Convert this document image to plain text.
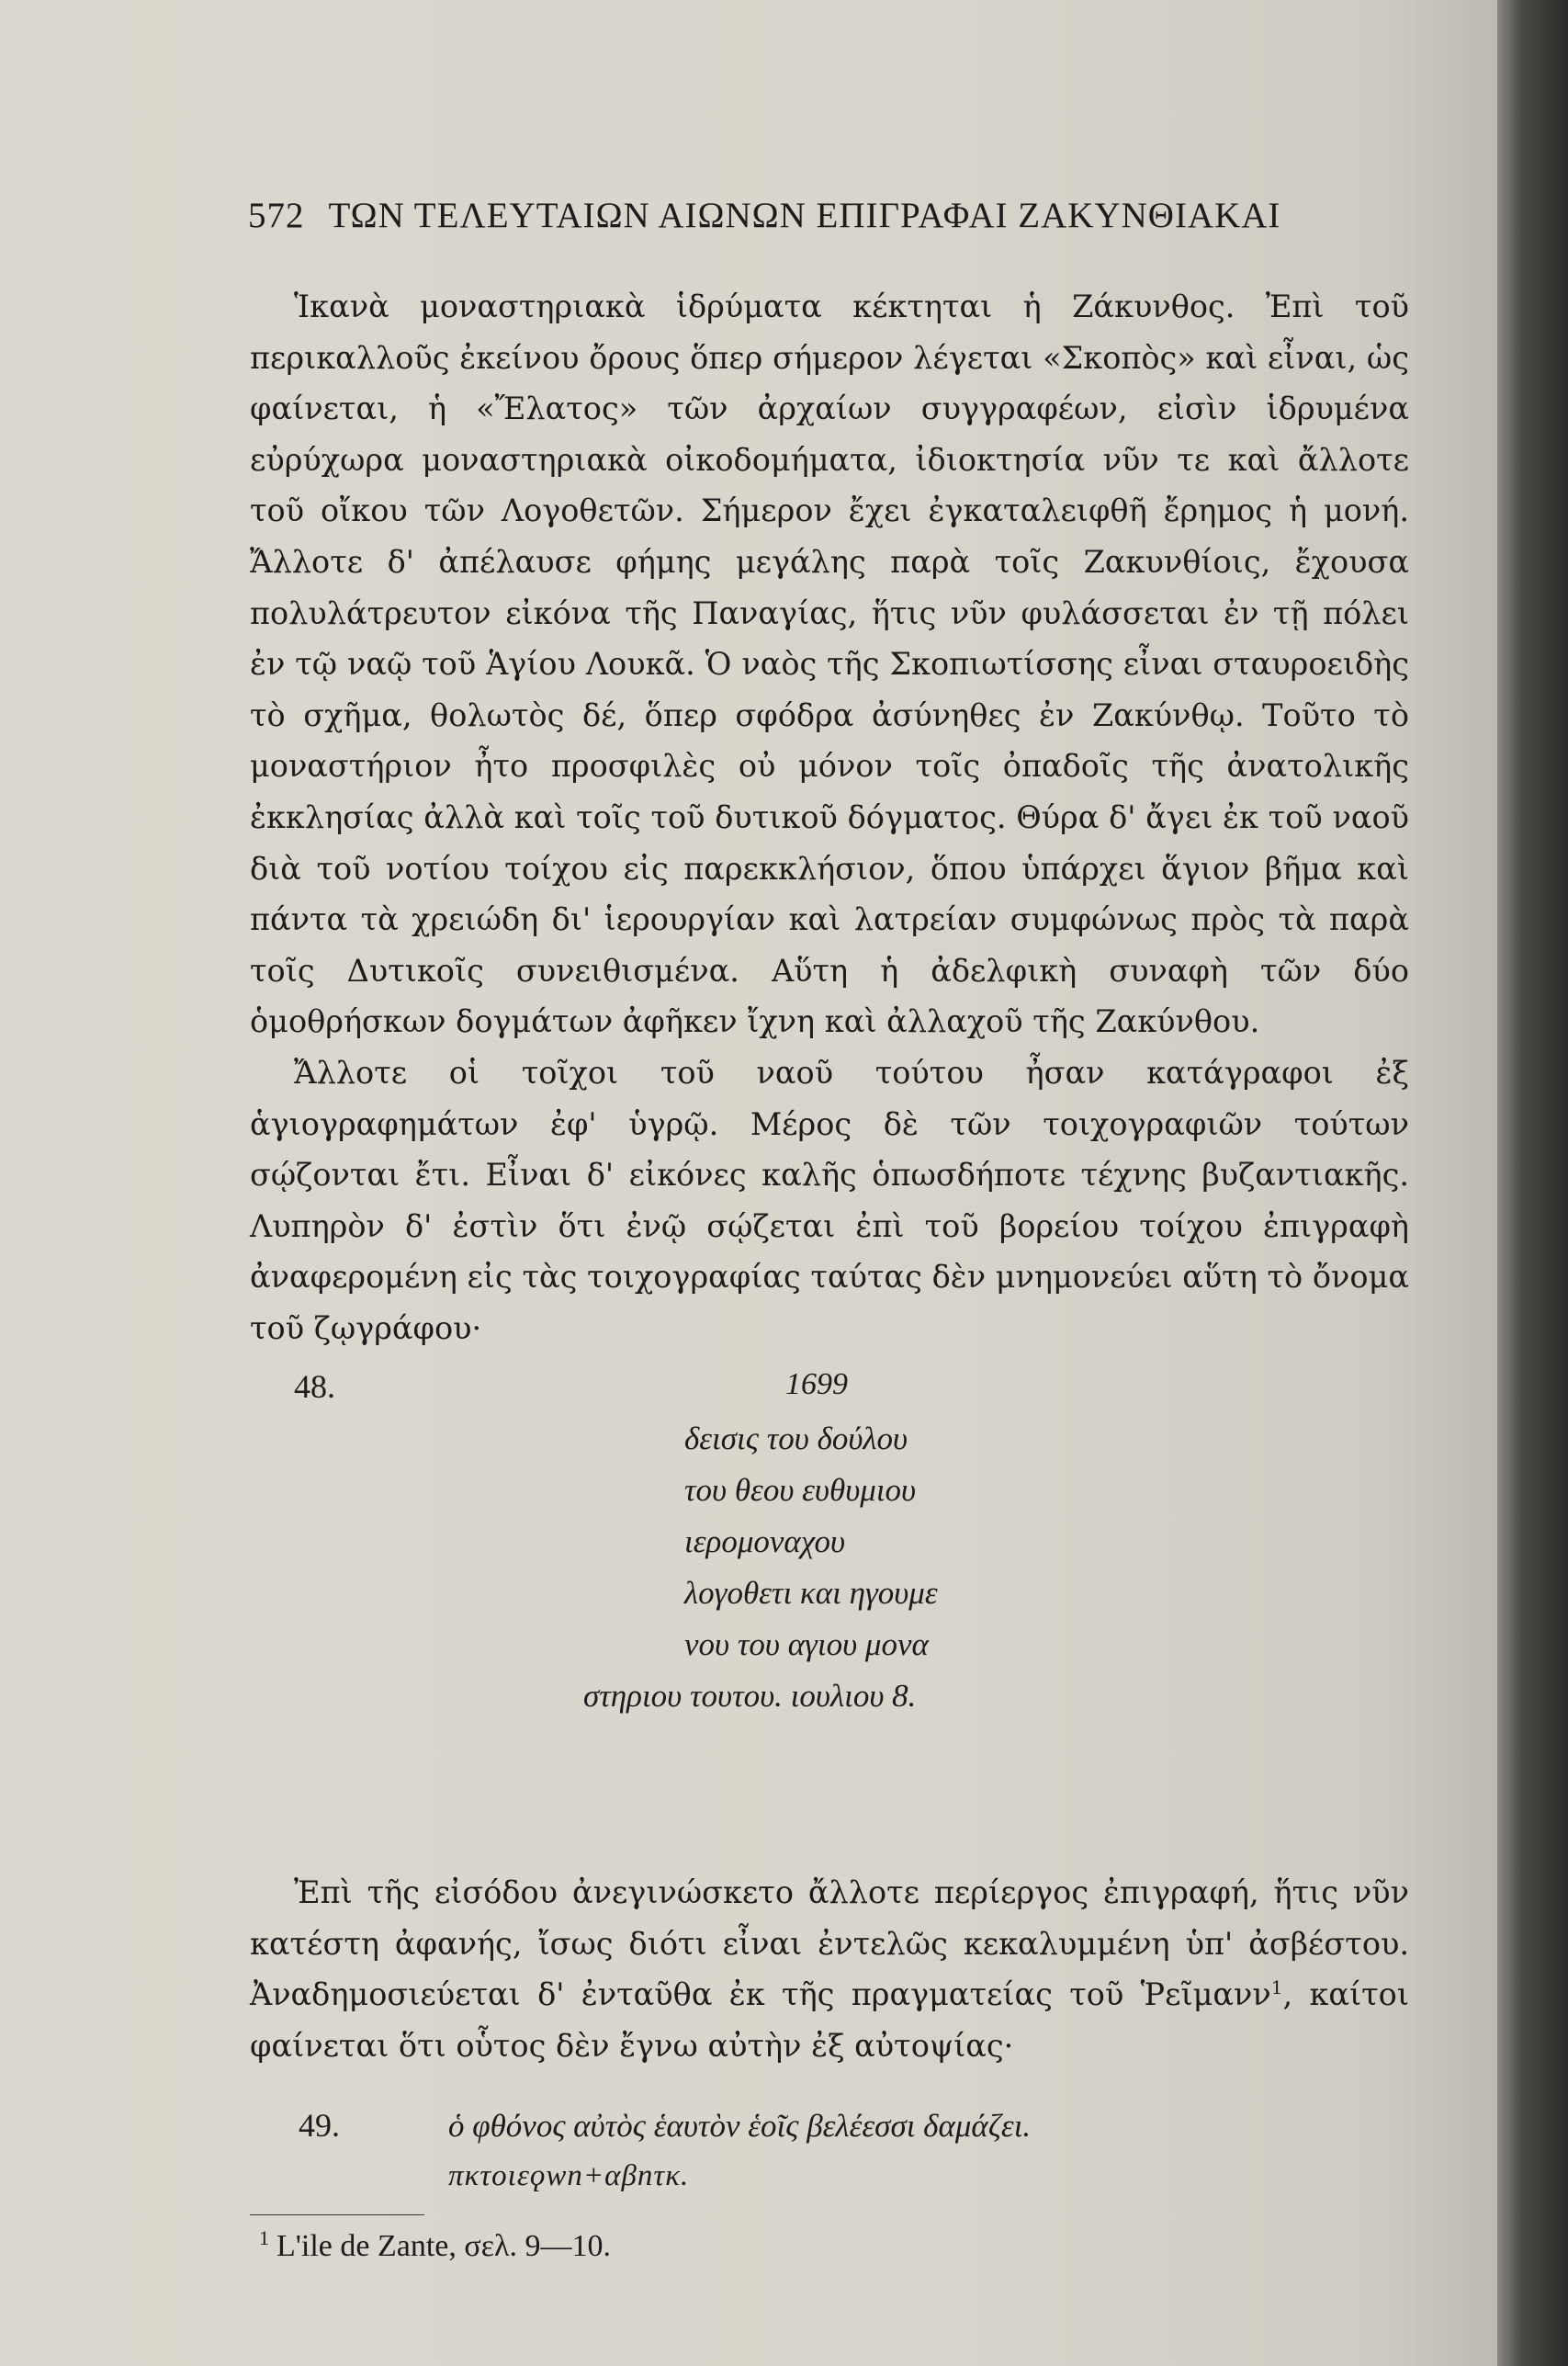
572 ΤΩΝ ΤΕΛΕΥΤΑΙΩΝ ΑΙΩΝΩΝ ΕΠΙΓΡΑΦΑΙ ΖΑΚΥΝΘΙΑΚΑΙ

Ἱκανὰ μοναστηριακὰ ἱδρύματα κέκτηται ἡ Ζάκυνθος. Ἐπὶ τοῦ περικαλλοῦς ἐκείνου ὄρους ὅπερ σήμερον λέγεται «Σκοπὸς» καὶ εἶναι, ὡς φαίνεται, ἡ «Ἔλατος» τῶν ἀρχαίων συγγραφέων, εἰσὶν ἱδρυμένα εὐρύχωρα μοναστηριακὰ οἰκοδομήματα, ἰδιοκτησία νῦν τε καὶ ἄλλοτε τοῦ οἴκου τῶν Λογοθετῶν. Σήμερον ἔχει ἐγκαταλειφθῆ ἔρημος ἡ μονή. Ἄλλοτε δ' ἀπέλαυσε φήμης μεγάλης παρὰ τοῖς Ζακυνθίοις, ἔχουσα πολυλάτρευτον εἰκόνα τῆς Παναγίας, ἥτις νῦν φυλάσσεται ἐν τῇ πόλει ἐν τῷ ναῷ τοῦ Ἁγίου Λουκᾶ. Ὁ ναὸς τῆς Σκοπιωτίσσης εἶναι σταυροειδὴς τὸ σχῆμα, θολωτὸς δέ, ὅπερ σφόδρα ἀσύνηθες ἐν Ζακύνθῳ. Τοῦτο τὸ μοναστήριον ἦτο προσφιλὲς οὐ μόνον τοῖς ὀπαδοῖς τῆς ἀνατολικῆς ἐκκλησίας ἀλλὰ καὶ τοῖς τοῦ δυτικοῦ δόγματος. Θύρα δ' ἄγει ἐκ τοῦ ναοῦ διὰ τοῦ νοτίου τοίχου εἰς παρεκκλήσιον, ὅπου ὑπάρχει ἅγιον βῆμα καὶ πάντα τὰ χρειώδη δι' ἱερουργίαν καὶ λατρείαν συμφώνως πρὸς τὰ παρὰ τοῖς Δυτικοῖς συνειθισμένα. Αὕτη ἡ ἀδελφικὴ συναφὴ τῶν δύο ὁμοθρήσκων δογμάτων ἀφῆκεν ἴχνη καὶ ἀλλαχοῦ τῆς Ζακύνθου.

Ἄλλοτε οἱ τοῖχοι τοῦ ναοῦ τούτου ἦσαν κατάγραφοι ἐξ ἁγιογραφημάτων ἐφ' ὑγρῷ. Μέρος δὲ τῶν τοιχογραφιῶν τούτων σῴζονται ἔτι. Εἶναι δ' εἰκόνες καλῆς ὁπωσδήποτε τέχνης βυζαντιακῆς. Λυπηρὸν δ' ἐστὶν ὅτι ἐνῷ σῴζεται ἐπὶ τοῦ βορείου τοίχου ἐπιγραφὴ ἀναφερομένη εἰς τὰς τοιχογραφίας ταύτας δὲν μνημονεύει αὕτη τὸ ὄνομα τοῦ ζῳγράφου·

48.	1699
δεισις του δούλου
του θεου ευθυμιου
ιερομοναχου
λογοθετι και ηγουμε
νου του αγιου μονα
στηριου τουτου. ιουλιου 8.

Ἐπὶ τῆς εἰσόδου ἀνεγινώσκετο ἄλλοτε περίεργος ἐπιγραφή, ἥτις νῦν κατέστη ἀφανής, ἴσως διότι εἶναι ἐντελῶς κεκαλυμμένη ὑπ' ἀσβέστου. Ἀναδημοσιεύεται δ' ἐνταῦθα ἐκ τῆς πραγματείας τοῦ Ῥεῖμανν$^1$, καίτοι φαίνεται ὅτι οὗτος δὲν ἔγνω αὐτὴν ἐξ αὐτοψίας·

49.	ὁ φθόνος αὐτὸς ἑαυτὸν ἑοῖς βελέεσσι δαμάζει.
πκτοιεϙwn+αβnτκ.
$^1$ L'ile de Zante, σελ. 9—10.
